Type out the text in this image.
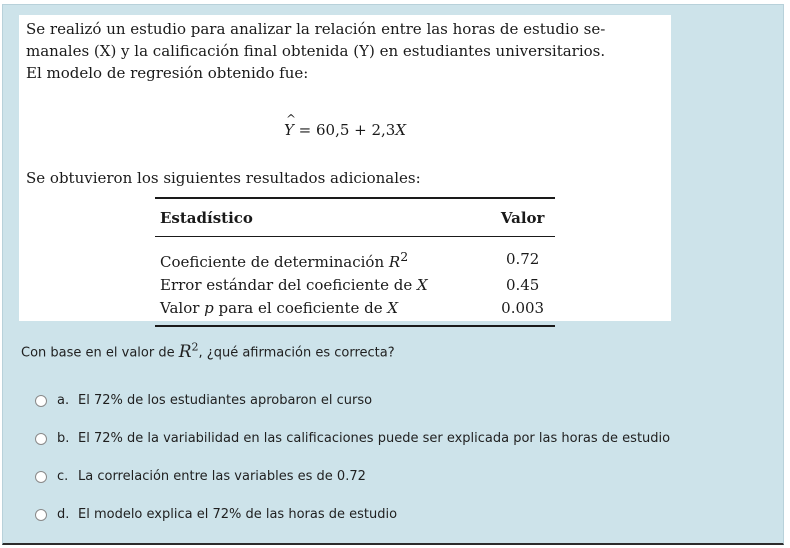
Se realizó un estudio para analizar la relación entre las horas de estudio se-
manales (X) y la calificación final obtenida (Y) en estudiantes universitarios.
El modelo de regresión obtenido fue:

^ Y = 60,5 + 2,3X

Se obtuvieron los siguientes resultados adicionales:

Estadístico	Valor
Coeficiente de determinación $R^2$	0.72
Error estándar del coeficiente de X	0.45
Valor p para el coeficiente de X	0.003

Con base en el valor de $R^2$, ¿qué afirmación es correcta?

a. El 72% de los estudiantes aprobaron el curso
b. El 72% de la variabilidad en las calificaciones puede ser explicada por las horas de estudio
c. La correlación entre las variables es de 0.72
d. El modelo explica el 72% de las horas de estudio
